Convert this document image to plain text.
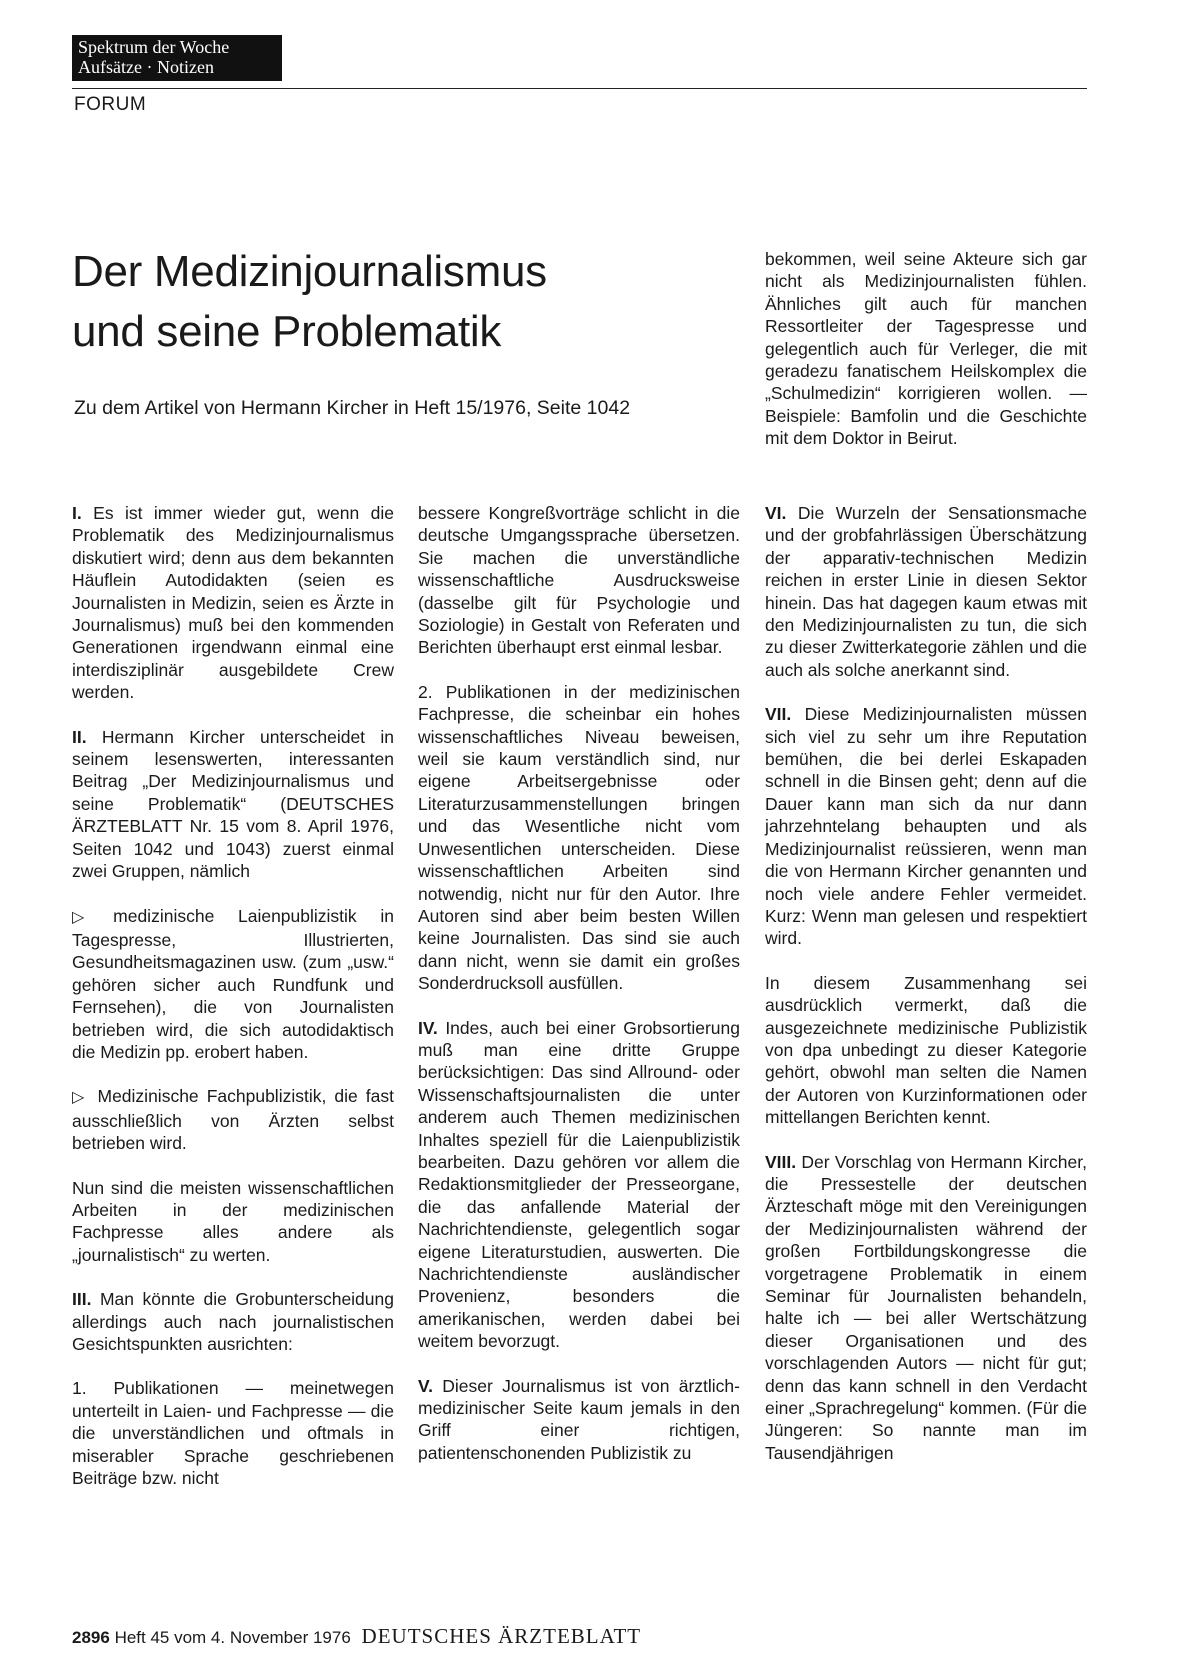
Spektrum der Woche
Aufsätze · Notizen
FORUM
Der Medizinjournalismus
und seine Problematik
Zu dem Artikel von Hermann Kircher in Heft 15/1976, Seite 1042
bekommen, weil seine Akteure sich gar nicht als Medizinjournalisten fühlen. Ähnliches gilt auch für manchen Ressortleiter der Tagespresse und gelegentlich auch für Verleger, die mit geradezu fanatischem Heilskomplex die „Schulmedizin“ korrigieren wollen. — Beispiele: Bamfolin und die Geschichte mit dem Doktor in Beirut.

I. Es ist immer wieder gut, wenn die Problematik des Medizinjournalismus diskutiert wird; denn aus dem bekannten Häuflein Autodidakten (seien es Journalisten in Medizin, seien es Ärzte in Journalismus) muß bei den kommenden Generationen irgendwann einmal eine interdisziplinär ausgebildete Crew werden.

II. Hermann Kircher unterscheidet in seinem lesenswerten, interessanten Beitrag „Der Medizinjournalismus und seine Problematik“ (DEUTSCHES ÄRZTEBLATT Nr. 15 vom 8. April 1976, Seiten 1042 und 1043) zuerst einmal zwei Gruppen, nämlich

▷ medizinische Laienpublizistik in Tagespresse, Illustrierten, Gesundheitsmagazinen usw. (zum „usw.“ gehören sicher auch Rundfunk und Fernsehen), die von Journalisten betrieben wird, die sich autodidaktisch die Medizin pp. erobert haben.

▷ Medizinische Fachpublizistik, die fast ausschließlich von Ärzten selbst betrieben wird.

Nun sind die meisten wissenschaftlichen Arbeiten in der medizinischen Fachpresse alles andere als „journalistisch“ zu werten.

III. Man könnte die Grobunterscheidung allerdings auch nach journalistischen Gesichtspunkten ausrichten:

1. Publikationen — meinetwegen unterteilt in Laien- und Fachpresse — die die unverständlichen und oftmals in miserabler Sprache geschriebenen Beiträge bzw. nicht

bessere Kongreßvorträge schlicht in die deutsche Umgangssprache übersetzen. Sie machen die unverständliche wissenschaftliche Ausdrucksweise (dasselbe gilt für Psychologie und Soziologie) in Gestalt von Referaten und Berichten überhaupt erst einmal lesbar.

2. Publikationen in der medizinischen Fachpresse, die scheinbar ein hohes wissenschaftliches Niveau beweisen, weil sie kaum verständlich sind, nur eigene Arbeitsergebnisse oder Literaturzusammenstellungen bringen und das Wesentliche nicht vom Unwesentlichen unterscheiden. Diese wissenschaftlichen Arbeiten sind notwendig, nicht nur für den Autor. Ihre Autoren sind aber beim besten Willen keine Journalisten. Das sind sie auch dann nicht, wenn sie damit ein großes Sonderdrucksoll ausfüllen.

IV. Indes, auch bei einer Grobsortierung muß man eine dritte Gruppe berücksichtigen: Das sind Allround- oder Wissenschaftsjournalisten die unter anderem auch Themen medizinischen Inhaltes speziell für die Laienpublizistik bearbeiten. Dazu gehören vor allem die Redaktionsmitglieder der Presseorgane, die das anfallende Material der Nachrichtendienste, gelegentlich sogar eigene Literaturstudien, auswerten. Die Nachrichtendienste ausländischer Provenienz, besonders die amerikanischen, werden dabei bei weitem bevorzugt.

V. Dieser Journalismus ist von ärztlich-medizinischer Seite kaum jemals in den Griff einer richtigen, patientenschonenden Publizistik zu

VI. Die Wurzeln der Sensationsmache und der grobfahrlässigen Überschätzung der apparativ-technischen Medizin reichen in erster Linie in diesen Sektor hinein. Das hat dagegen kaum etwas mit den Medizinjournalisten zu tun, die sich zu dieser Zwitterkategorie zählen und die auch als solche anerkannt sind.

VII. Diese Medizinjournalisten müssen sich viel zu sehr um ihre Reputation bemühen, die bei derlei Eskapaden schnell in die Binsen geht; denn auf die Dauer kann man sich da nur dann jahrzehntelang behaupten und als Medizinjournalist reüssieren, wenn man die von Hermann Kircher genannten und noch viele andere Fehler vermeidet. Kurz: Wenn man gelesen und respektiert wird.

In diesem Zusammenhang sei ausdrücklich vermerkt, daß die ausgezeichnete medizinische Publizistik von dpa unbedingt zu dieser Kategorie gehört, obwohl man selten die Namen der Autoren von Kurzinformationen oder mittellangen Berichten kennt.

VIII. Der Vorschlag von Hermann Kircher, die Pressestelle der deutschen Ärzteschaft möge mit den Vereinigungen der Medizinjournalisten während der großen Fortbildungskongresse die vorgetragene Problematik in einem Seminar für Journalisten behandeln, halte ich — bei aller Wertschätzung dieser Organisationen und des vorschlagenden Autors — nicht für gut; denn das kann schnell in den Verdacht einer „Sprachregelung“ kommen. (Für die Jüngeren: So nannte man im Tausendjährigen

2896 Heft 45 vom 4. November 1976 DEUTSCHES ÄRZTEBLATT
